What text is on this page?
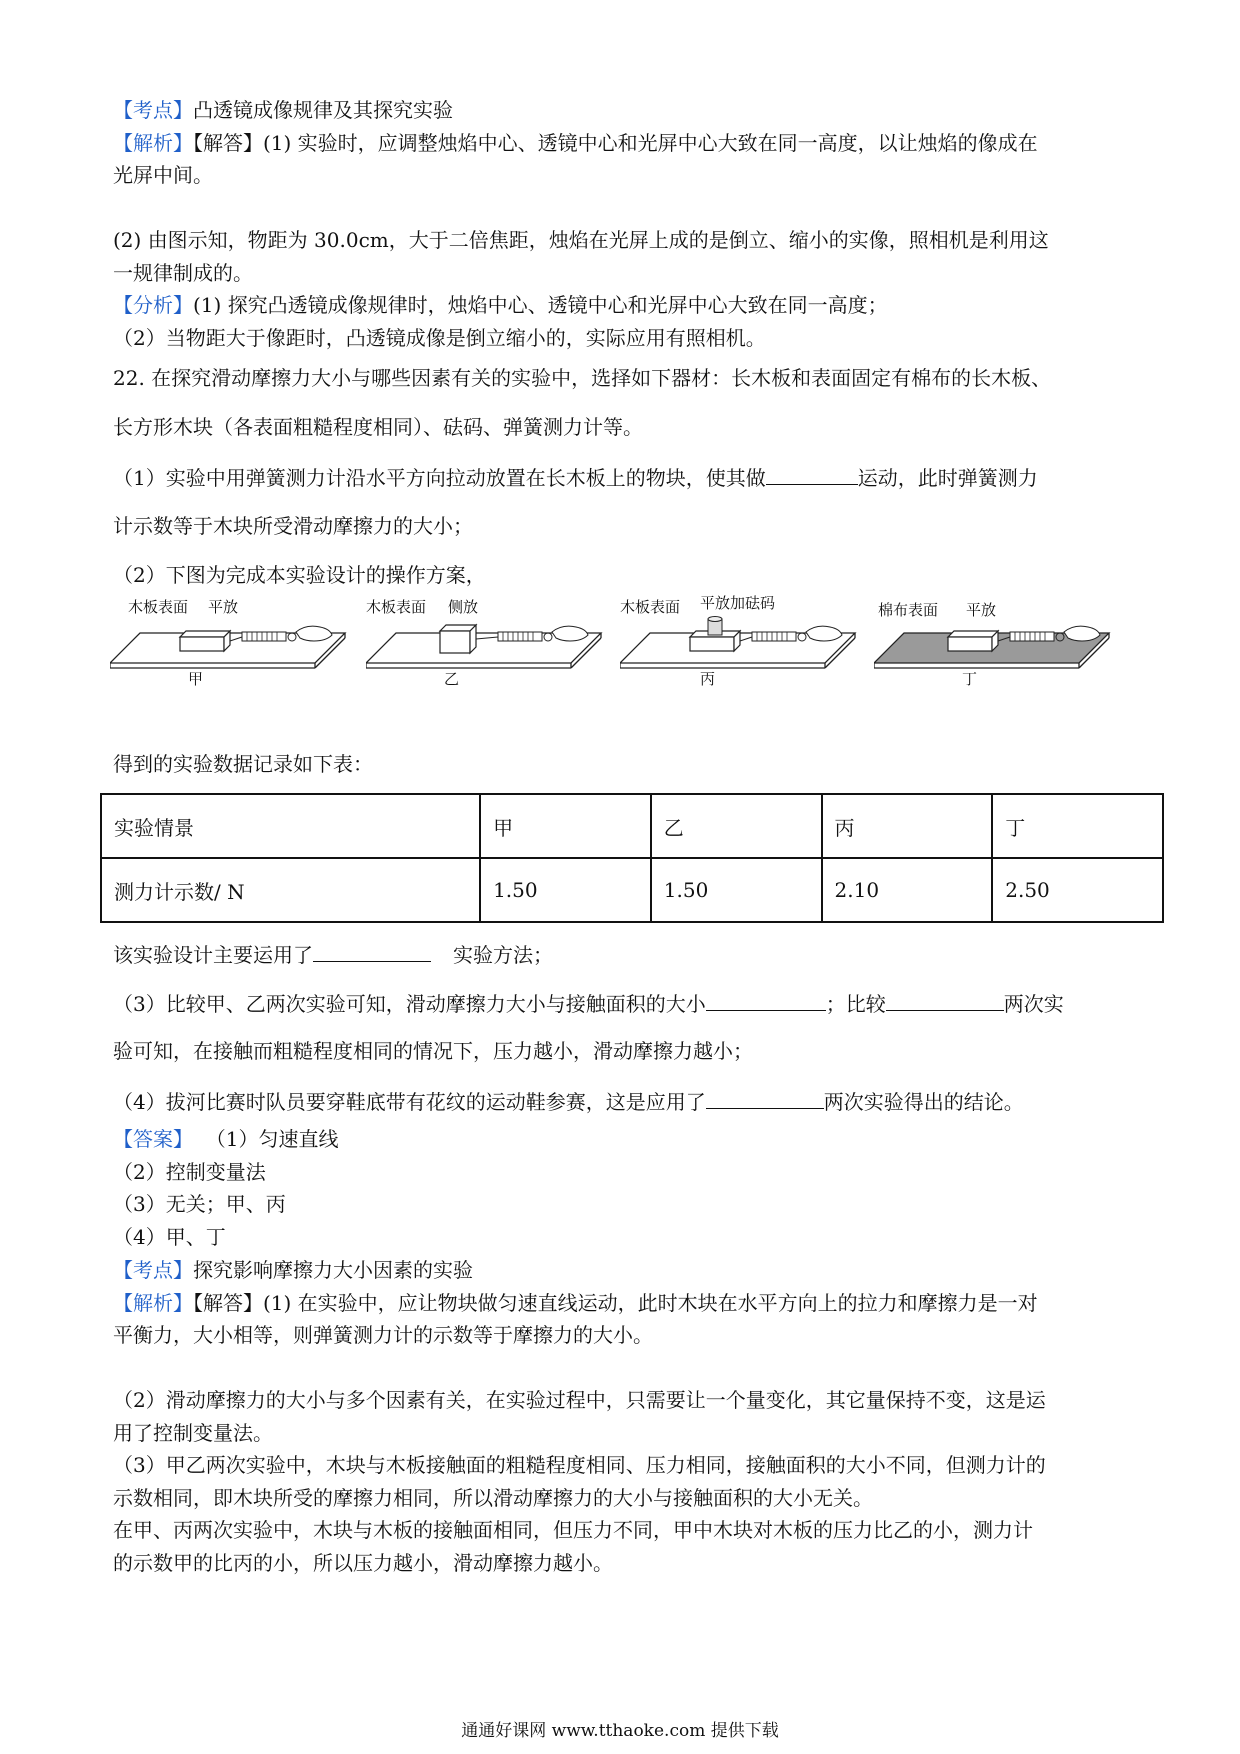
【考点】凸透镜成像规律及其探究实验
【解析】【解答】(1) 实验时，应调整烛焰中心、透镜中心和光屏中心大致在同一高度，以让烛焰的像成在
光屏中间。
(2) 由图示知，物距为 30.0cm，大于二倍焦距，烛焰在光屏上成的是倒立、缩小的实像，照相机是利用这
一规律制成的。
【分析】(1) 探究凸透镜成像规律时，烛焰中心、透镜中心和光屏中心大致在同一高度；
（2）当物距大于像距时，凸透镜成像是倒立缩小的，实际应用有照相机。
22. 在探究滑动摩擦力大小与哪些因素有关的实验中，选择如下器材：长木板和表面固定有棉布的长木板、
长方形木块（各表面粗糙程度相同）、砝码、弹簧测力计等。
（1）实验中用弹簧测力计沿水平方向拉动放置在长木板上的物块，使其做	运动，此时弹簧测力
计示数等于木块所受滑动摩擦力的大小；
（2）下图为完成本实验设计的操作方案，
木板表面 平放
甲
木板表面 侧放
乙
木板表面 平放加砝码
丙
棉布表面 平放
丁
得到的实验数据记录如下表：
实验情景	甲	乙	丙	丁
测力计示数/ N	1.50	1.50	2.10	2.50
该实验设计主要运用了	实验方法；
（3）比较甲、乙两次实验可知，滑动摩擦力大小与接触面积的大小	；比较	两次实
验可知，在接触而粗糙程度相同的情况下，压力越小，滑动摩擦力越小；
（4）拔河比赛时队员要穿鞋底带有花纹的运动鞋参赛，这是应用了	两次实验得出的结论。
【答案】 （1）匀速直线
（2）控制变量法
（3）无关；甲、丙
（4）甲、丁
【考点】探究影响摩擦力大小因素的实验
【解析】【解答】(1) 在实验中，应让物块做匀速直线运动，此时木块在水平方向上的拉力和摩擦力是一对
平衡力，大小相等，则弹簧测力计的示数等于摩擦力的大小。
（2）滑动摩擦力的大小与多个因素有关，在实验过程中，只需要让一个量变化，其它量保持不变，这是运
用了控制变量法。
（3）甲乙两次实验中，木块与木板接触面的粗糙程度相同、压力相同，接触面积的大小不同，但测力计的
示数相同，即木块所受的摩擦力相同，所以滑动摩擦力的大小与接触面积的大小无关。
在甲、丙两次实验中，木块与木板的接触面相同，但压力不同，甲中木块对木板的压力比乙的小，测力计
的示数甲的比丙的小，所以压力越小，滑动摩擦力越小。
通通好课网 www.tthaoke.com 提供下载
